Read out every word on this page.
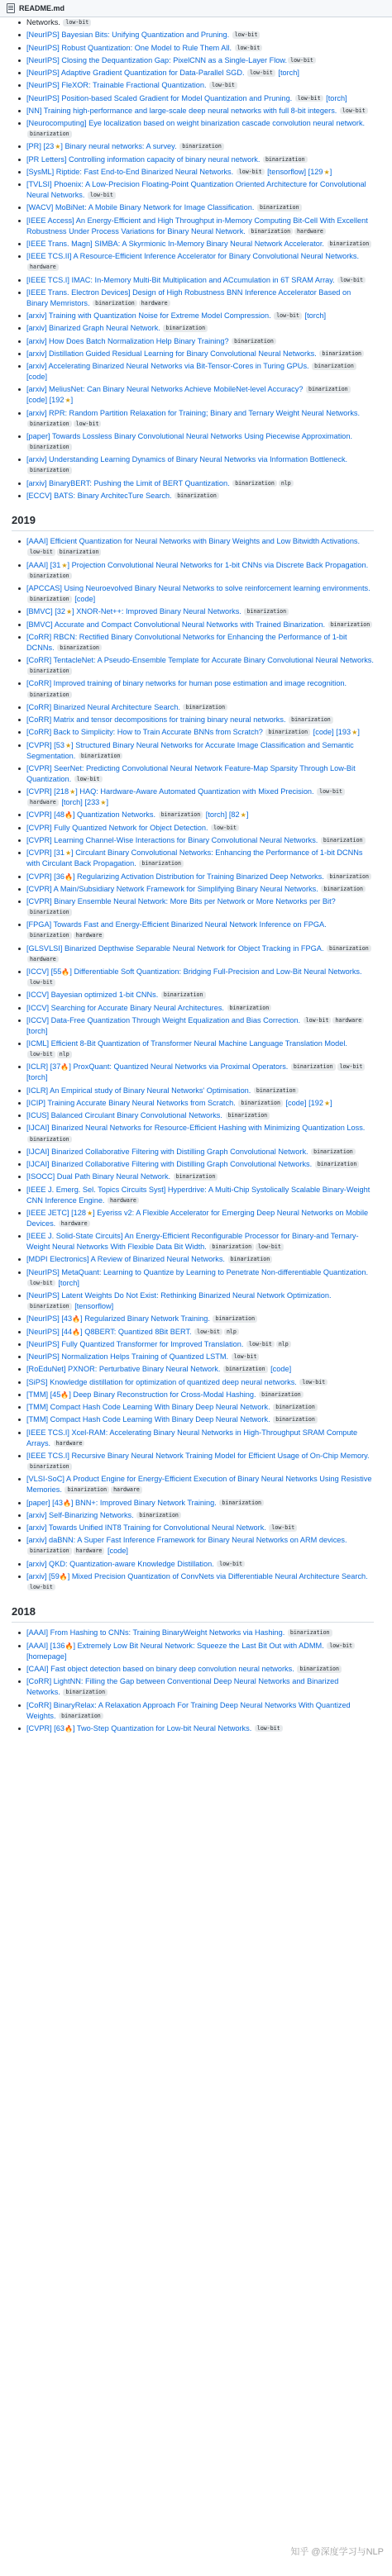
README.md
Networks. low-bit
[NeurIPS] Bayesian Bits: Unifying Quantization and Pruning. low-bit
[NeurIPS] Robust Quantization: One Model to Rule Them All. low-bit
[NeurIPS] Closing the Dequantization Gap: PixelCNN as a Single-Layer Flow. low-bit
[NeurIPS] Adaptive Gradient Quantization for Data-Parallel SGD. low-bit [torch]
[NeurIPS] FleXOR: Trainable Fractional Quantization. low-bit
[NeurIPS] Position-based Scaled Gradient for Model Quantization and Pruning. low-bit [torch]
[NN] Training high-performance and large-scale deep neural networks with full 8-bit integers. low-bit
[Neurocomputing] Eye localization based on weight binarization cascade convolution neural network. binarization
[PR] [23★] Binary neural networks: A survey. binarization
[PR Letters] Controlling information capacity of binary neural network. binarization
[SysML] Riptide: Fast End-to-End Binarized Neural Networks. low-bit [tensorflow] [129★]
[TVLSI] Phoenix: A Low-Precision Floating-Point Quantization Oriented Architecture for Convolutional Neural Networks. low-bit
[WACV] MoBiNet: A Mobile Binary Network for Image Classification. binarization
[IEEE Access] An Energy-Efficient and High Throughput in-Memory Computing Bit-Cell With Excellent Robustness Under Process Variations for Binary Neural Network. binarization hardware
[IEEE Trans. Magn] SIMBA: A Skyrmionic In-Memory Binary Neural Network Accelerator. binarization
[IEEE TCS.II] A Resource-Efficient Inference Accelerator for Binary Convolutional Neural Networks. hardware
[IEEE TCS.I] IMAC: In-Memory Multi-Bit Multiplication and ACcumulation in 6T SRAM Array. low-bit
[IEEE Trans. Electron Devices] Design of High Robustness BNN Inference Accelerator Based on Binary Memristors. binarization hardware
[arxiv] Training with Quantization Noise for Extreme Model Compression. low-bit [torch]
[arxiv] Binarized Graph Neural Network. binarization
[arxiv] How Does Batch Normalization Help Binary Training? binarization
[arxiv] Distillation Guided Residual Learning for Binary Convolutional Neural Networks. binarization
[arxiv] Accelerating Binarized Neural Networks via Bit-Tensor-Cores in Turing GPUs. binarization [code]
[arxiv] MeliusNet: Can Binary Neural Networks Achieve MobileNet-level Accuracy? binarization [code] [192★]
[arxiv] RPR: Random Partition Relaxation for Training; Binary and Ternary Weight Neural Networks. binarization low-bit
[paper] Towards Lossless Binary Convolutional Neural Networks Using Piecewise Approximation. binarization
[arxiv] Understanding Learning Dynamics of Binary Neural Networks via Information Bottleneck. binarization
[arxiv] BinaryBERT: Pushing the Limit of BERT Quantization. binarization nlp
[ECCV] BATS: Binary ArchitecTure Search. binarization
2019
[AAAI] Efficient Quantization for Neural Networks with Binary Weights and Low Bitwidth Activations. low-bit binarization
[AAAI] [31★] Projection Convolutional Neural Networks for 1-bit CNNs via Discrete Back Propagation. binarization
[APCCAS] Using Neuroevolved Binary Neural Networks to solve reinforcement learning environments. binarization [code]
[BMVC] [32★] XNOR-Net++: Improved Binary Neural Networks. binarization
[BMVC] Accurate and Compact Convolutional Neural Networks with Trained Binarization. binarization
[CoRR] RBCN: Rectified Binary Convolutional Networks for Enhancing the Performance of 1-bit DCNNs. binarization
[CoRR] TentacleNet: A Pseudo-Ensemble Template for Accurate Binary Convolutional Neural Networks. binarization
[CoRR] Improved training of binary networks for human pose estimation and image recognition. binarization
[CoRR] Binarized Neural Architecture Search. binarization
[CoRR] Matrix and tensor decompositions for training binary neural networks. binarization
[CoRR] Back to Simplicity: How to Train Accurate BNNs from Scratch? binarization [code] [193★]
[CVPR] [53★] Structured Binary Neural Networks for Accurate Image Classification and Semantic Segmentation. binarization
[CVPR] SeerNet: Predicting Convolutional Neural Network Feature-Map Sparsity Through Low-Bit Quantization. low-bit
[CVPR] [218★] HAQ: Hardware-Aware Automated Quantization with Mixed Precision. low-bithardware [torch] [233★]
[CVPR] [48🔥] Quantization Networks. binarization [torch] [82★]
[CVPR] Fully Quantized Network for Object Detection. low-bit
[CVPR] Learning Channel-Wise Interactions for Binary Convolutional Neural Networks. binarization
[CVPR] [31★] Circulant Binary Convolutional Networks: Enhancing the Performance of 1-bit DCNNs with Circulant Back Propagation. binarization
[CVPR] [36🔥] Regularizing Activation Distribution for Training Binarized Deep Networks. binarization
[CVPR] A Main/Subsidiary Network Framework for Simplifying Binary Neural Networks. binarization
[CVPR] Binary Ensemble Neural Network: More Bits per Network or More Networks per Bit? binarization
[FPGA] Towards Fast and Energy-Efficient Binarized Neural Network Inference on FPGA. binarization hardware
[GLSVLSI] Binarized Depthwise Separable Neural Network for Object Tracking in FPGA. binarizationhardware
[ICCV] [55🔥] Differentiable Soft Quantization: Bridging Full-Precision and Low-Bit Neural Networks. low-bit
[ICCV] Bayesian optimized 1-bit CNNs. binarization
[ICCV] Searching for Accurate Binary Neural Architectures. binarization
[ICCV] Data-Free Quantization Through Weight Equalization and Bias Correction. low-bit hardware [torch]
[ICML] Efficient 8-Bit Quantization of Transformer Neural Machine Language Translation Model. low-bit nlp
[ICLR] [37🔥] ProxQuant: Quantized Neural Networks via Proximal Operators. binarization low-bit [torch]
[ICLR] An Empirical study of Binary Neural Networks' Optimisation. binarization
[ICIP] Training Accurate Binary Neural Networks from Scratch. binarization [code] [192★]
[ICUS] Balanced Circulant Binary Convolutional Networks. binarization
[IJCAI] Binarized Neural Networks for Resource-Efficient Hashing with Minimizing Quantization Loss. binarization
[IJCAI] Binarized Collaborative Filtering with Distilling Graph Convolutional Network. binarization
[IJCAI] Binarized Collaborative Filtering with Distilling Graph Convolutional Networks. binarization
[ISOCC] Dual Path Binary Neural Network. binarization
[IEEE J. Emerg. Sel. Topics Circuits Syst] Hyperdrive: A Multi-Chip Systolically Scalable Binary-Weight CNN Inference Engine. hardware
[IEEE JETC] [128★] Eyeriss v2: A Flexible Accelerator for Emerging Deep Neural Networks on Mobile Devices. hardware
[IEEE J. Solid-State Circuits] An Energy-Efficient Reconfigurable Processor for Binary-and Ternary-Weight Neural Networks With Flexible Data Bit Width. binarization low-bit
[MDPI Electronics] A Review of Binarized Neural Networks. binarization
[NeurIPS] MetaQuant: Learning to Quantize by Learning to Penetrate Non-differentiable Quantization. low-bit [torch]
[NeurIPS] Latent Weights Do Not Exist: Rethinking Binarized Neural Network Optimization. binarization [tensorflow]
[NeurIPS] [43🔥] Regularized Binary Network Training. binarization
[NeurIPS] [44🔥] Q8BERT: Quantized 8Bit BERT. low-bit nlp
[NeurIPS] Fully Quantized Transformer for Improved Translation. low-bit nlp
[NeurIPS] Normalization Helps Training of Quantized LSTM. low-bit
[RoEduNet] PXNOR: Perturbative Binary Neural Network. binarization [code]
[SiPS] Knowledge distillation for optimization of quantized deep neural networks. low-bit
[TMM] [45🔥] Deep Binary Reconstruction for Cross-Modal Hashing. binarization
[TMM] Compact Hash Code Learning With Binary Deep Neural Network. binarization
[TMM] Compact Hash Code Learning With Binary Deep Neural Network. binarization
[IEEE TCS.I] Xcel-RAM: Accelerating Binary Neural Networks in High-Throughput SRAM Compute Arrays. hardware
[IEEE TCS.I] Recursive Binary Neural Network Training Model for Efficient Usage of On-Chip Memory. binarization
[VLSI-SoC] A Product Engine for Energy-Efficient Execution of Binary Neural Networks Using Resistive Memories. binarization hardware
[paper] [43🔥] BNN+: Improved Binary Network Training. binarization
[arxiv] Self-Binarizing Networks. binarization
[arxiv] Towards Unified INT8 Training for Convolutional Neural Network. low-bit
[arxiv] daBNN: A Super Fast Inference Framework for Binary Neural Networks on ARM devices. binarization hardware [code]
[arxiv] QKD: Quantization-aware Knowledge Distillation. low-bit
[arxiv] [59🔥] Mixed Precision Quantization of ConvNets via Differentiable Neural Architecture Search. low-bit
2018
[AAAI] From Hashing to CNNs: Training BinaryWeight Networks via Hashing. binarization
[AAAI] [136🔥] Extremely Low Bit Neural Network: Squeeze the Last Bit Out with ADMM. low-bit [homepage]
[CAAI] Fast object detection based on binary deep convolution neural networks. binarization
[CoRR] LightNN: Filling the Gap between Conventional Deep Neural Networks and Binarized Networks. binarization
[CoRR] BinaryRelax: A Relaxation Approach For Training Deep Neural Networks With Quantized Weights. binarization
[CVPR] [63🔥] Two-Step Quantization for Low-bit Neural Networks. low-bit
知乎 @深度学习与NLP
